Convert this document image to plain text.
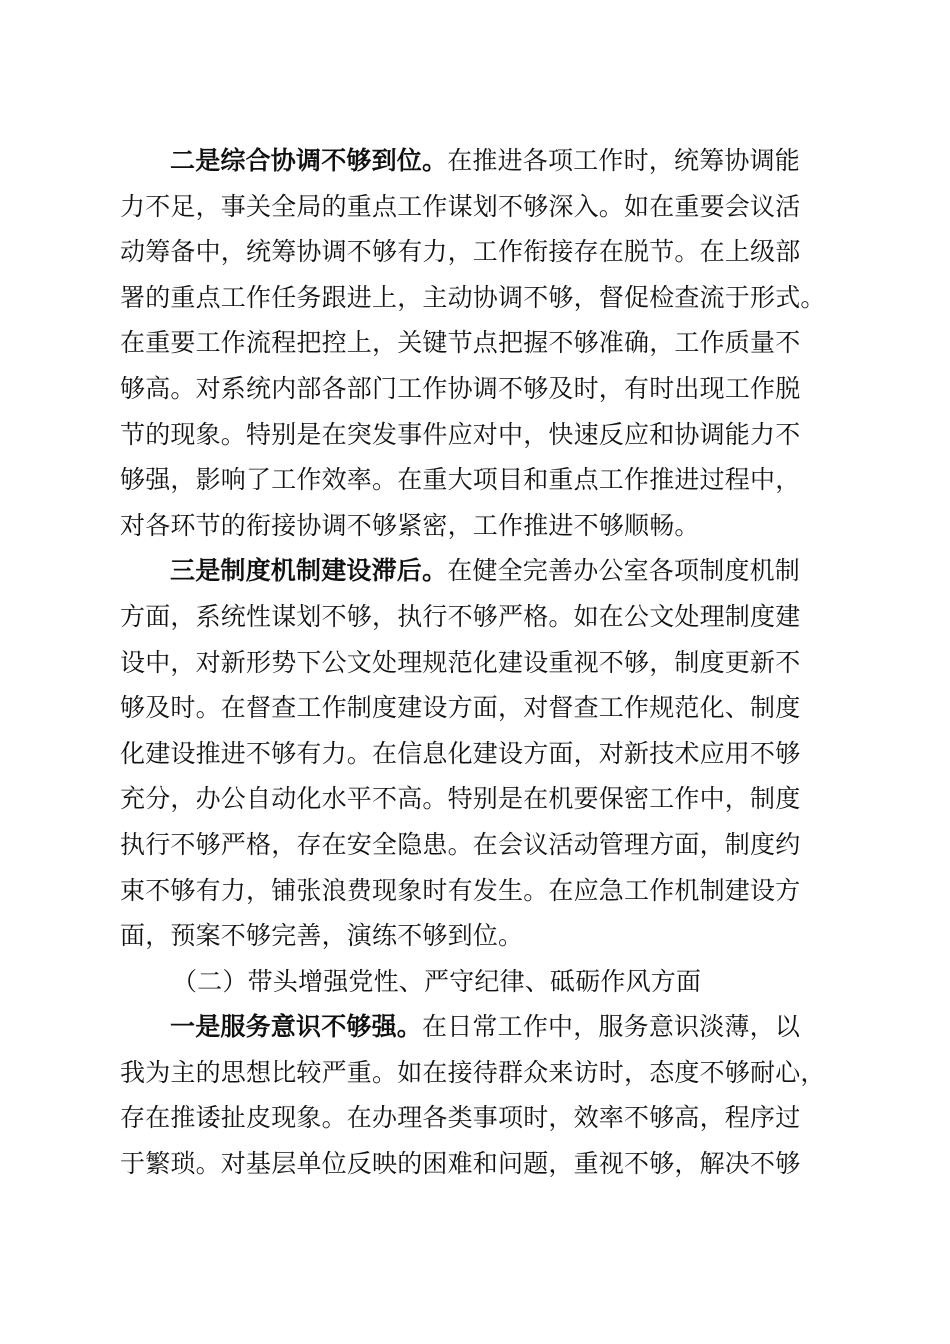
二是综合协调不够到位。在推进各项工作时，统筹协调能
力不足，事关全局的重点工作谋划不够深入。如在重要会议活
动筹备中，统筹协调不够有力，工作衔接存在脱节。在上级部
署的重点工作任务跟进上，主动协调不够，督促检查流于形式。
在重要工作流程把控上，关键节点把握不够准确，工作质量不
够高。对系统内部各部门工作协调不够及时，有时出现工作脱
节的现象。特别是在突发事件应对中，快速反应和协调能力不
够强，影响了工作效率。在重大项目和重点工作推进过程中，
对各环节的衔接协调不够紧密，工作推进不够顺畅。
三是制度机制建设滞后。在健全完善办公室各项制度机制
方面，系统性谋划不够，执行不够严格。如在公文处理制度建
设中，对新形势下公文处理规范化建设重视不够，制度更新不
够及时。在督查工作制度建设方面，对督查工作规范化、制度
化建设推进不够有力。在信息化建设方面，对新技术应用不够
充分，办公自动化水平不高。特别是在机要保密工作中，制度
执行不够严格，存在安全隐患。在会议活动管理方面，制度约
束不够有力，铺张浪费现象时有发生。在应急工作机制建设方
面，预案不够完善，演练不够到位。
（二）带头增强党性、严守纪律、砥砺作风方面
一是服务意识不够强。在日常工作中，服务意识淡薄，以
我为主的思想比较严重。如在接待群众来访时，态度不够耐心，
存在推诿扯皮现象。在办理各类事项时，效率不够高，程序过
于繁琐。对基层单位反映的困难和问题，重视不够，解决不够
